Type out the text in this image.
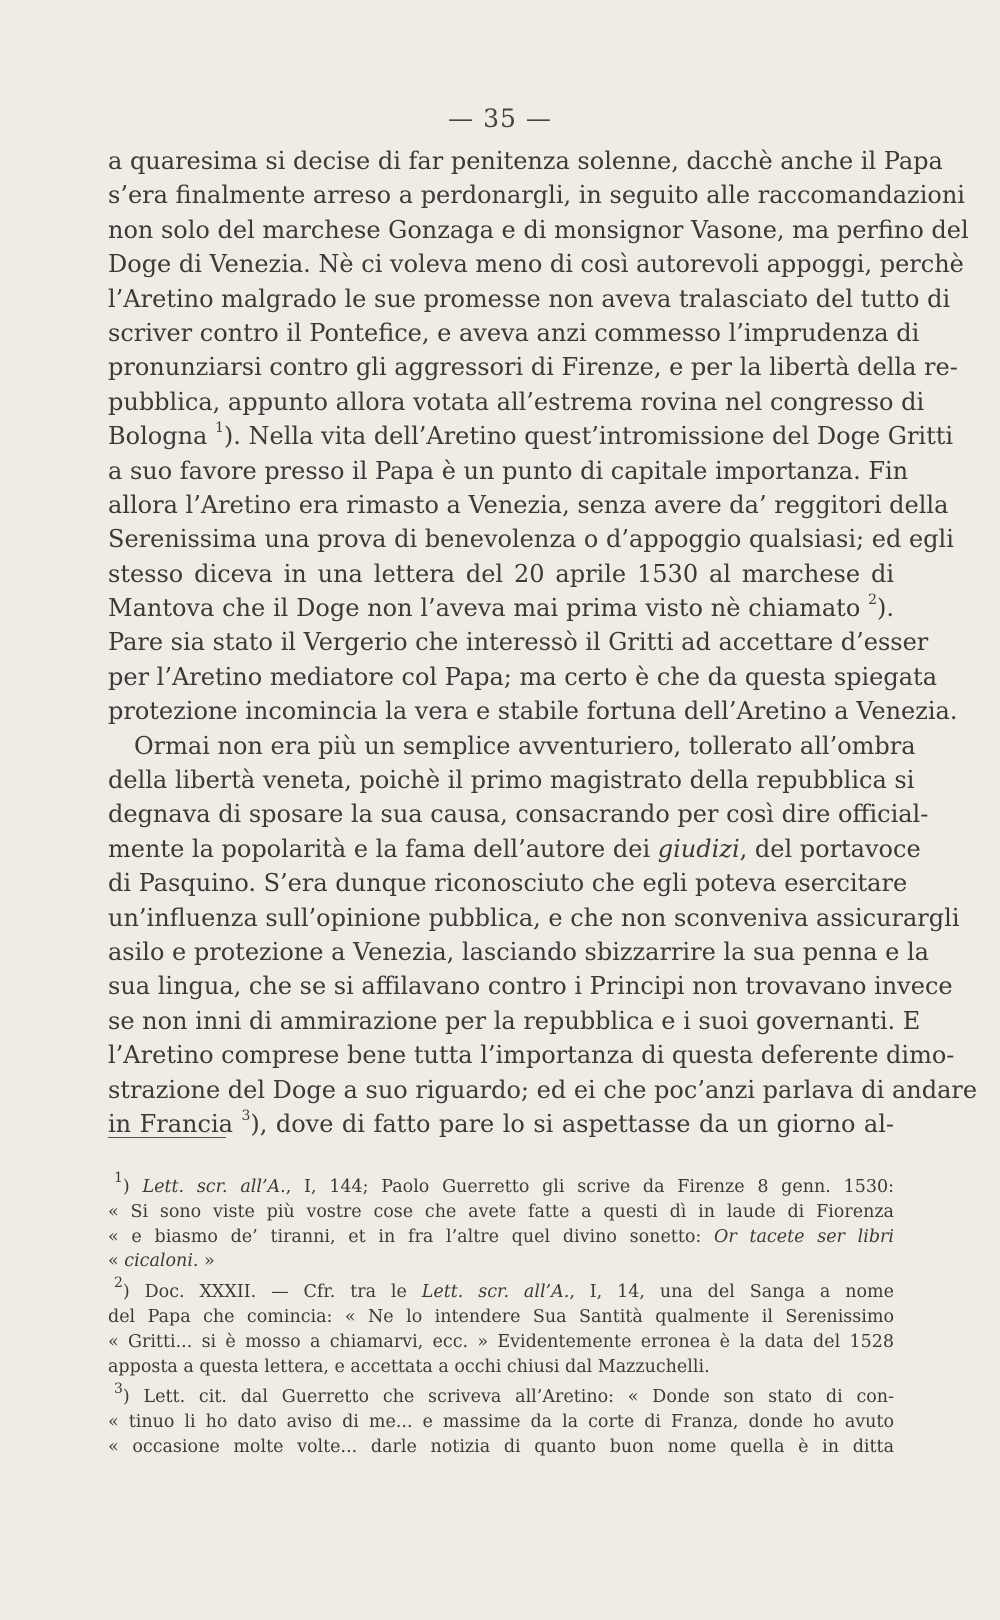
— 35 —
a quaresima si decise di far penitenza solenne, dacchè anche il Papa
s’era finalmente arreso a perdonargli, in seguito alle raccomandazioni
non solo del marchese Gonzaga e di monsignor Vasone, ma perfino del
Doge di Venezia. Nè ci voleva meno di così autorevoli appoggi, perchè
l’Aretino malgrado le sue promesse non aveva tralasciato del tutto di
scriver contro il Pontefice, e aveva anzi commesso l’imprudenza di
pronunziarsi contro gli aggressori di Firenze, e per la libertà della re-
pubblica, appunto allora votata all’estrema rovina nel congresso di
Bologna $^1$). Nella vita dell’Aretino quest’intromissione del Doge Gritti
a suo favore presso il Papa è un punto di capitale importanza. Fin
allora l’Aretino era rimasto a Venezia, senza avere da’ reggitori della
Serenissima una prova di benevolenza o d’appoggio qualsiasi; ed egli
stesso diceva in una lettera del 20 aprile 1530 al marchese di
Mantova che il Doge non l’aveva mai prima visto nè chiamato $^2$).
Pare sia stato il Vergerio che interessò il Gritti ad accettare d’esser
per l’Aretino mediatore col Papa; ma certo è che da questa spiegata
protezione incomincia la vera e stabile fortuna dell’Aretino a Venezia.
Ormai non era più un semplice avventuriero, tollerato all’ombra
della libertà veneta, poichè il primo magistrato della repubblica si
degnava di sposare la sua causa, consacrando per così dire official-
mente la popolarità e la fama dell’autore dei giudizi, del portavoce
di Pasquino. S’era dunque riconosciuto che egli poteva esercitare
un’influenza sull’opinione pubblica, e che non sconveniva assicurargli
asilo e protezione a Venezia, lasciando sbizzarrire la sua penna e la
sua lingua, che se si affilavano contro i Principi non trovavano invece
se non inni di ammirazione per la repubblica e i suoi governanti. E
l’Aretino comprese bene tutta l’importanza di questa deferente dimo-
strazione del Doge a suo riguardo; ed ei che poc’anzi parlava di andare
in Francia $^3$), dove di fatto pare lo si aspettasse da un giorno al-
$^1$) Lett. scr. all’A., I, 144; Paolo Guerretto gli scrive da Firenze 8 genn. 1530:
« Si sono viste più vostre cose che avete fatte a questi dì in laude di Fiorenza
« e biasmo de’ tiranni, et in fra l’altre quel divino sonetto: Or tacete ser libri
« cicaloni. »
$^2$) Doc. XXXII. — Cfr. tra le Lett. scr. all’A., I, 14, una del Sanga a nome
del Papa che comincia: « Ne lo intendere Sua Santità qualmente il Serenissimo
« Gritti... si è mosso a chiamarvi, ecc. » Evidentemente erronea è la data del 1528
apposta a questa lettera, e accettata a occhi chiusi dal Mazzuchelli.
$^3$) Lett. cit. dal Guerretto che scriveva all’Aretino: « Donde son stato di con-
« tinuo li ho dato aviso di me... e massime da la corte di Franza, donde ho avuto
« occasione molte volte... darle notizia di quanto buon nome quella è in ditta
